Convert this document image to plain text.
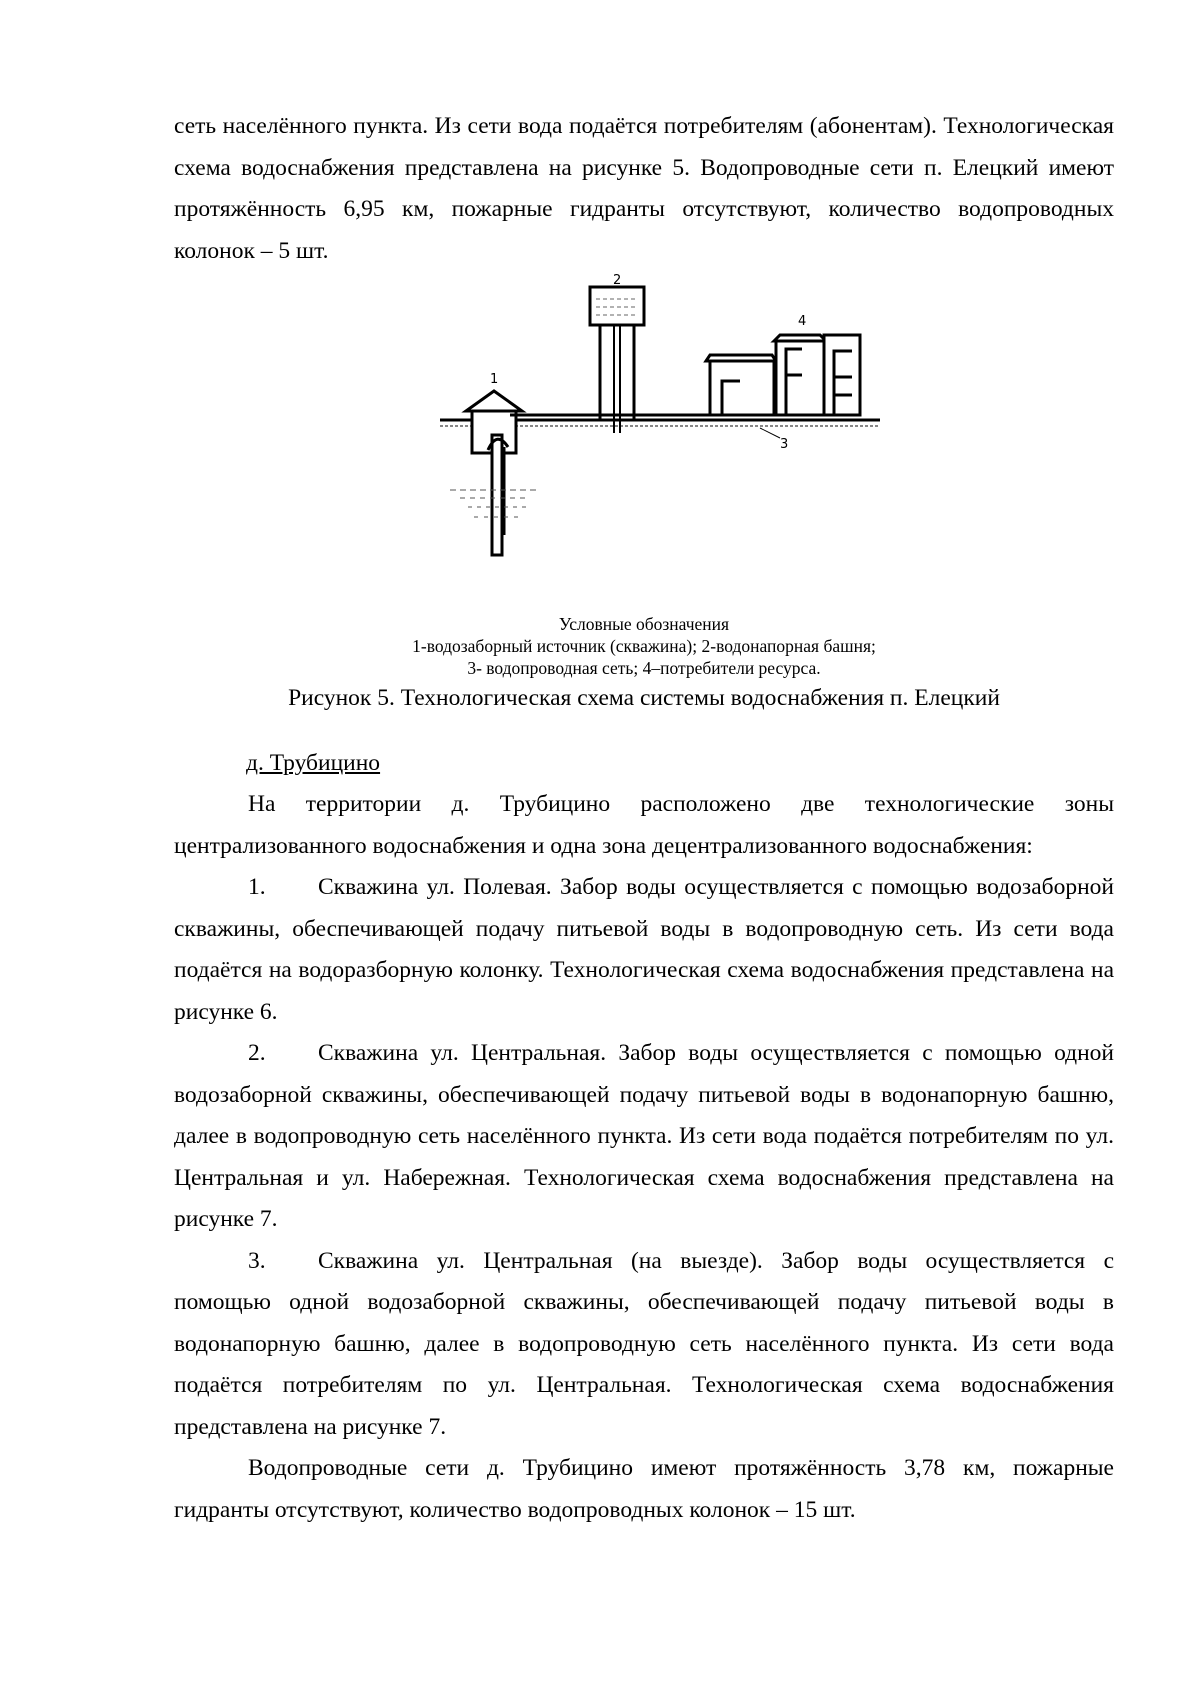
сеть населённого пункта. Из сети вода подаётся потребителям (абонентам). Технологическая схема водоснабжения представлена на рисунке 5. Водопроводные сети п. Елецкий имеют протяжённость 6,95 км, пожарные гидранты отсутствуют, количество водопроводных колонок – 5 шт.

1
2
3
4
Условные обозначения
1-водозаборный источник (скважина); 2-водонапорная башня;
3- водопроводная сеть; 4–потребители ресурса.
Рисунок 5. Технологическая схема системы водоснабжения п. Елецкий
д. Трубицино

На территории д. Трубицино расположено две технологические зоны централизованного водоснабжения и одна зона децентрализованного водоснабжения:

1. Скважина ул. Полевая. Забор воды осуществляется с помощью водозаборной скважины, обеспечивающей подачу питьевой воды в водопроводную сеть. Из сети вода подаётся на водоразборную колонку. Технологическая схема водоснабжения представлена на рисунке 6.

2. Скважина ул. Центральная. Забор воды осуществляется с помощью одной водозаборной скважины, обеспечивающей подачу питьевой воды в водонапорную башню, далее в водопроводную сеть населённого пункта. Из сети вода подаётся потребителям по ул. Центральная и ул. Набережная. Технологическая схема водоснабжения представлена на рисунке 7.

3. Скважина ул. Центральная (на выезде). Забор воды осуществляется с помощью одной водозаборной скважины, обеспечивающей подачу питьевой воды в водонапорную башню, далее в водопроводную сеть населённого пункта. Из сети вода подаётся потребителям по ул. Центральная. Технологическая схема водоснабжения представлена на рисунке 7.

Водопроводные сети д. Трубицино имеют протяжённость 3,78 км, пожарные гидранты отсутствуют, количество водопроводных колонок – 15 шт.
